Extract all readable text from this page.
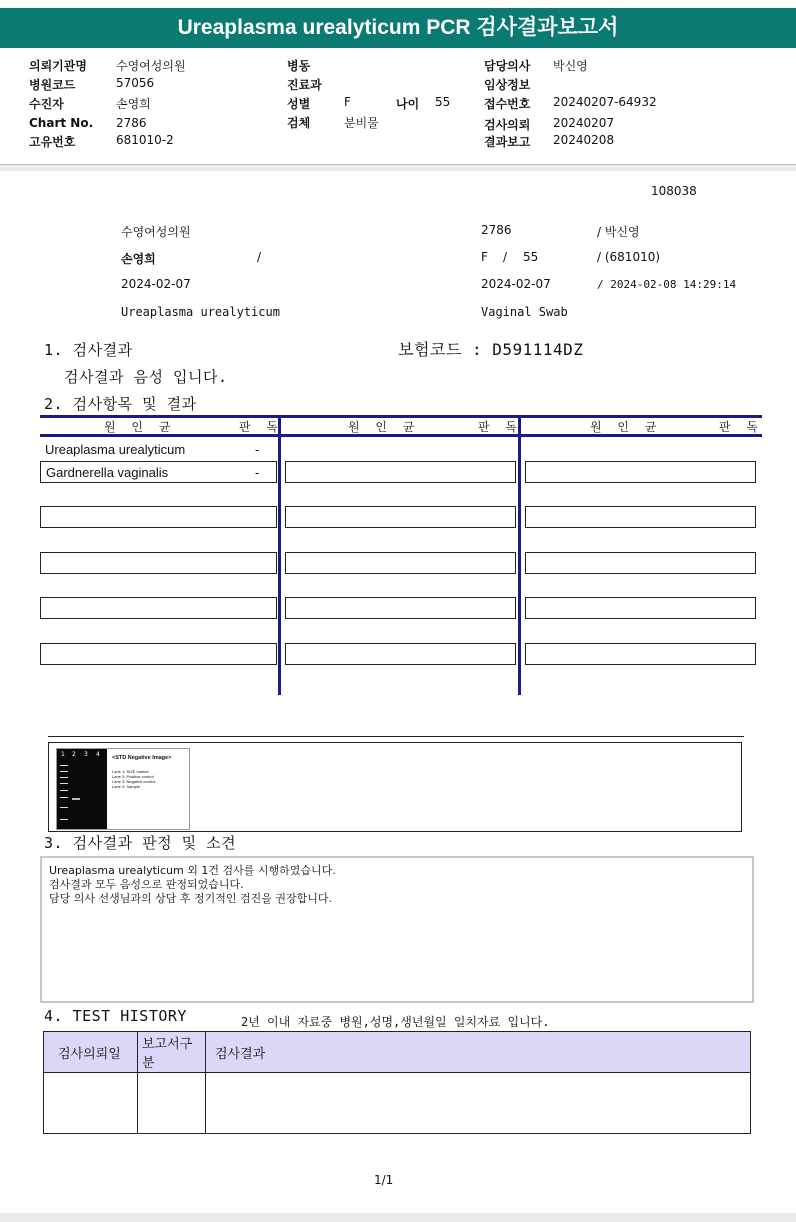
Ureaplasma urealyticum PCR 검사결과보고서
의뢰기관명 수영여성의원
병원코드	57056
수진자	손영희
Chart No. 2786
고유번호	681010-2
병동
진료과
성별	F	나이 55
검체	분비물
담당의사 박신영
임상정보
접수번호 20240207-64932
검사의뢰 20240207
결과보고 20240208
108038
수영여성의원	2786	/ 박신영
손영희	/	F / 55	/ (681010)
2024-02-07	2024-02-07	/ 2024-02-08 14:29:14
Ureaplasma urealyticum	Vaginal Swab
1. 검사결과	보험코드 : D591114DZ
검사결과 음성 입니다.
2. 검사항목 및 결과
원 인 균	판 독	원 인 균	판 독	원 인 균	판 독
Ureaplasma urealyticum	-
Gardnerella vaginalis	-
1 2 3 4 <STD Negative Image>
Lane 1: SIZE marker
Lane 2: Positive control
Lane 3: Negative control
Lane 4: Sample
3. 검사결과 판정 및 소견
Ureaplasma urealyticum 외 1건 검사를 시행하였습니다.
검사결과 모두 음성으로 판정되었습니다.
담당 의사 선생님과의 상담 후 정기적인 검진을 권장합니다.
4. TEST HISTORY	2년 이내 자료중 병원,성명,생년월일 일치자료 입니다.
검사의뢰일	보고서구분	검사결과

1/1
